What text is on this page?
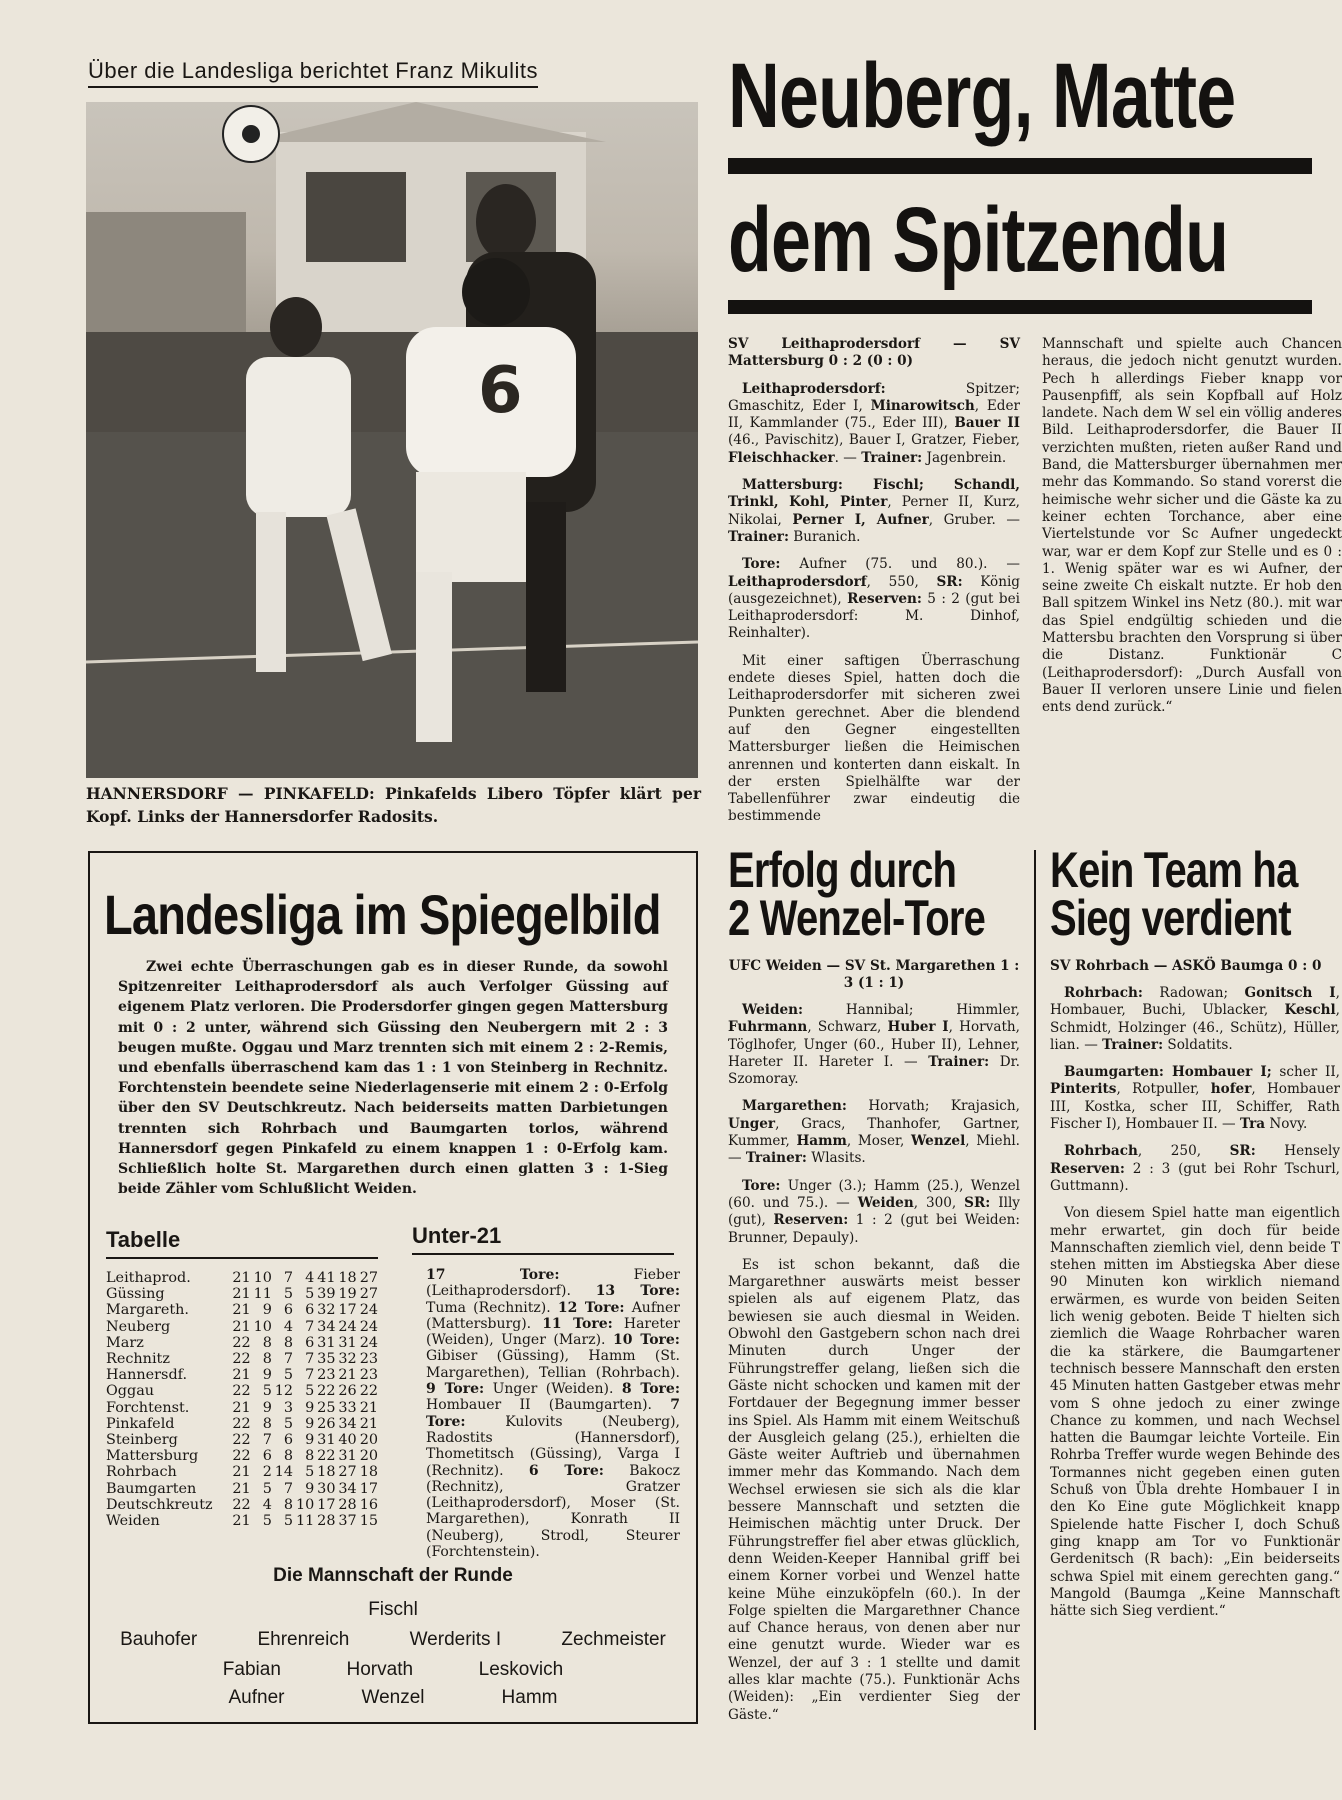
Über die Landesliga berichtet Franz Mikulits
6
HANNERSDORF — PINKAFELD: Pinkafelds Libero Töpfer klärt per Kopf. Links der Hannersdorfer Radosits.
Neuberg, Matte
dem Spitzendu

SV Leithaprodersdorf — SV Mattersburg 0 : 2 (0 : 0)

Leithaprodersdorf: Spitzer; Gmaschitz, Eder I, Minarowitsch, Eder II, Kammlander (75., Eder III), Bauer II (46., Pavischitz), Bauer I, Gratzer, Fieber, Fleischhacker. — Trainer: Jagenbrein.

Mattersburg: Fischl; Schandl, Trinkl, Kohl, Pinter, Perner II, Kurz, Nikolai, Perner I, Aufner, Gruber. — Trainer: Buranich.

Tore: Aufner (75. und 80.). — Leithaprodersdorf, 550, SR: König (ausgezeichnet), Reserven: 5 : 2 (gut bei Leithaprodersdorf: M. Dinhof, Reinhalter).

Mit einer saftigen Überraschung endete dieses Spiel, hatten doch die Leithaprodersdorfer mit sicheren zwei Punkten gerechnet. Aber die blendend auf den Gegner eingestellten Mattersburger ließen die Heimischen anrennen und konterten dann eiskalt. In der ersten Spielhälfte war der Tabellenführer zwar eindeutig die bestimmende

Mannschaft und spielte auch Chancen heraus, die jedoch nicht genutzt wurden. Pech h allerdings Fieber knapp vor Pausenpfiff, als sein Kopfball auf Holz landete. Nach dem W sel ein völlig anderes Bild. Leithaprodersdorfer, die Bauer II verzichten mußten, rieten außer Rand und Band, die Mattersburger übernahmen mer mehr das Kommando. So stand vorerst die heimische wehr sicher und die Gäste ka zu keiner echten Torchance, aber eine Viertelstunde vor Sc Aufner ungedeckt war, war er dem Kopf zur Stelle und es 0 : 1. Wenig später war es wi Aufner, der seine zweite Ch eiskalt nutzte. Er hob den Ball spitzem Winkel ins Netz (80.). mit war das Spiel endgültig schieden und die Mattersbu brachten den Vorsprung si über die Distanz. Funktionär C (Leithaprodersdorf): „Durch Ausfall von Bauer II verloren unsere Linie und fielen ents dend zurück.“

Landesliga im Spiegelbild
Zwei echte Überraschungen gab es in dieser Runde, da sowohl Spitzenreiter Leithaprodersdorf als auch Verfolger Güssing auf eigenem Platz verloren. Die Prodersdorfer gingen gegen Mattersburg mit 0 : 2 unter, während sich Güssing den Neubergern mit 2 : 3 beugen mußte. Oggau und Marz trennten sich mit einem 2 : 2-Remis, und ebenfalls überraschend kam das 1 : 1 von Steinberg in Rechnitz. Forchtenstein beendete seine Niederlagenserie mit einem 2 : 0-Erfolg über den SV Deutschkreutz. Nach beiderseits matten Darbietungen trennten sich Rohrbach und Baumgarten torlos, während Hannersdorf gegen Pinkafeld zu einem knappen 1 : 0-Erfolg kam. Schließlich holte St. Margarethen durch einen glatten 3 : 1-Sieg beide Zähler vom Schlußlicht Weiden.
Tabelle
Leithaprod.	21	10	7	4	41	18	27
Güssing	21	11	5	5	39	19	27
Margareth.	21	9	6	6	32	17	24
Neuberg	21	10	4	7	34	24	24
Marz	22	8	8	6	31	31	24
Rechnitz	22	8	7	7	35	32	23
Hannersdf.	21	9	5	7	23	21	23
Oggau	22	5	12	5	22	26	22
Forchtenst.	21	9	3	9	25	33	21
Pinkafeld	22	8	5	9	26	34	21
Steinberg	22	7	6	9	31	40	20
Mattersburg	22	6	8	8	22	31	20
Rohrbach	21	2	14	5	18	27	18
Baumgarten	21	5	7	9	30	34	17
Deutschkreutz	22	4	8	10	17	28	16
Weiden	21	5	5	11	28	37	15
Unter-21
17 Tore: Fieber (Leithaprodersdorf). 13 Tore: Tuma (Rechnitz). 12 Tore: Aufner (Mattersburg). 11 Tore: Hareter (Weiden), Unger (Marz). 10 Tore: Gibiser (Güssing), Hamm (St. Margarethen), Tellian (Rohrbach). 9 Tore: Unger (Weiden). 8 Tore: Hombauer II (Baumgarten). 7 Tore: Kulovits (Neuberg), Radostits (Hannersdorf), Thometitsch (Güssing), Varga I (Rechnitz). 6 Tore: Bakocz (Rechnitz), Gratzer (Leithaprodersdorf), Moser (St. Margarethen), Konrath II (Neuberg), Strodl, Steurer (Forchtenstein).
Die Mannschaft der Runde
Fischl
Bauhofer	Ehrenreich	Werderits I	Zechmeister
Fabian	Horvath	Leskovich
Aufner	Wenzel	Hamm
Erfolg durch
2 Wenzel-Tore

UFC Weiden — SV St. Margarethen 1 : 3 (1 : 1)

Weiden: Hannibal; Himmler, Fuhrmann, Schwarz, Huber I, Horvath, Töglhofer, Unger (60., Huber II), Lehner, Hareter II. Hareter I. — Trainer: Dr. Szomoray.

Margarethen: Horvath; Krajasich, Unger, Gracs, Thanhofer, Gartner, Kummer, Hamm, Moser, Wenzel, Miehl. — Trainer: Wlasits.

Tore: Unger (3.); Hamm (25.), Wenzel (60. und 75.). — Weiden, 300, SR: Illy (gut), Reserven: 1 : 2 (gut bei Weiden: Brunner, Depauly).

Es ist schon bekannt, daß die Margarethner auswärts meist besser spielen als auf eigenem Platz, das bewiesen sie auch diesmal in Weiden. Obwohl den Gastgebern schon nach drei Minuten durch Unger der Führungstreffer gelang, ließen sich die Gäste nicht schocken und kamen mit der Fortdauer der Begegnung immer besser ins Spiel. Als Hamm mit einem Weitschuß der Ausgleich gelang (25.), erhielten die Gäste weiter Auftrieb und übernahmen immer mehr das Kommando. Nach dem Wechsel erwiesen sie sich als die klar bessere Mannschaft und setzten die Heimischen mächtig unter Druck. Der Führungstreffer fiel aber etwas glücklich, denn Weiden-Keeper Hannibal griff bei einem Korner vorbei und Wenzel hatte keine Mühe einzuköpfeln (60.). In der Folge spielten die Margarethner Chance auf Chance heraus, von denen aber nur eine genutzt wurde. Wieder war es Wenzel, der auf 3 : 1 stellte und damit alles klar machte (75.). Funktionär Achs (Weiden): „Ein verdienter Sieg der Gäste.“

Kein Team ha
Sieg verdient

SV Rohrbach — ASKÖ Baumga 0 : 0

Rohrbach: Radowan; Gonitsch I, Hombauer, Buchi, Ublacker, Keschl, Schmidt, Holzinger (46., Schütz), Hüller, lian. — Trainer: Soldatits.

Baumgarten: Hombauer I; scher II, Pinterits, Rotpuller, hofer, Hombauer III, Kostka, scher III, Schiffer, Rath Fischer I), Hombauer II. — Tra Novy.

Rohrbach, 250, SR: Hensely Reserven: 2 : 3 (gut bei Rohr Tschurl, Guttmann).

Von diesem Spiel hatte man eigentlich mehr erwartet, gin doch für beide Mannschaften ziemlich viel, denn beide T stehen mitten im Abstiegska Aber diese 90 Minuten kon wirklich niemand erwärmen, es wurde von beiden Seiten lich wenig geboten. Beide T hielten sich ziemlich die Waage Rohrbacher waren die ka stärkere, die Baumgartener technisch bessere Mannschaft den ersten 45 Minuten hatten Gastgeber etwas mehr vom S ohne jedoch zu einer zwinge Chance zu kommen, und nach Wechsel hatten die Baumgar leichte Vorteile. Ein Rohrba Treffer wurde wegen Behinde des Tormannes nicht gegeben einen guten Schuß von Übla drehte Hombauer I in den Ko Eine gute Möglichkeit knapp Spielende hatte Fischer I, doch Schuß ging knapp am Tor vo Funktionär Gerdenitsch (R bach): „Ein beiderseits schwa Spiel mit einem gerechten gang.“ Mangold (Baumga „Keine Mannschaft hätte sich Sieg verdient.“
